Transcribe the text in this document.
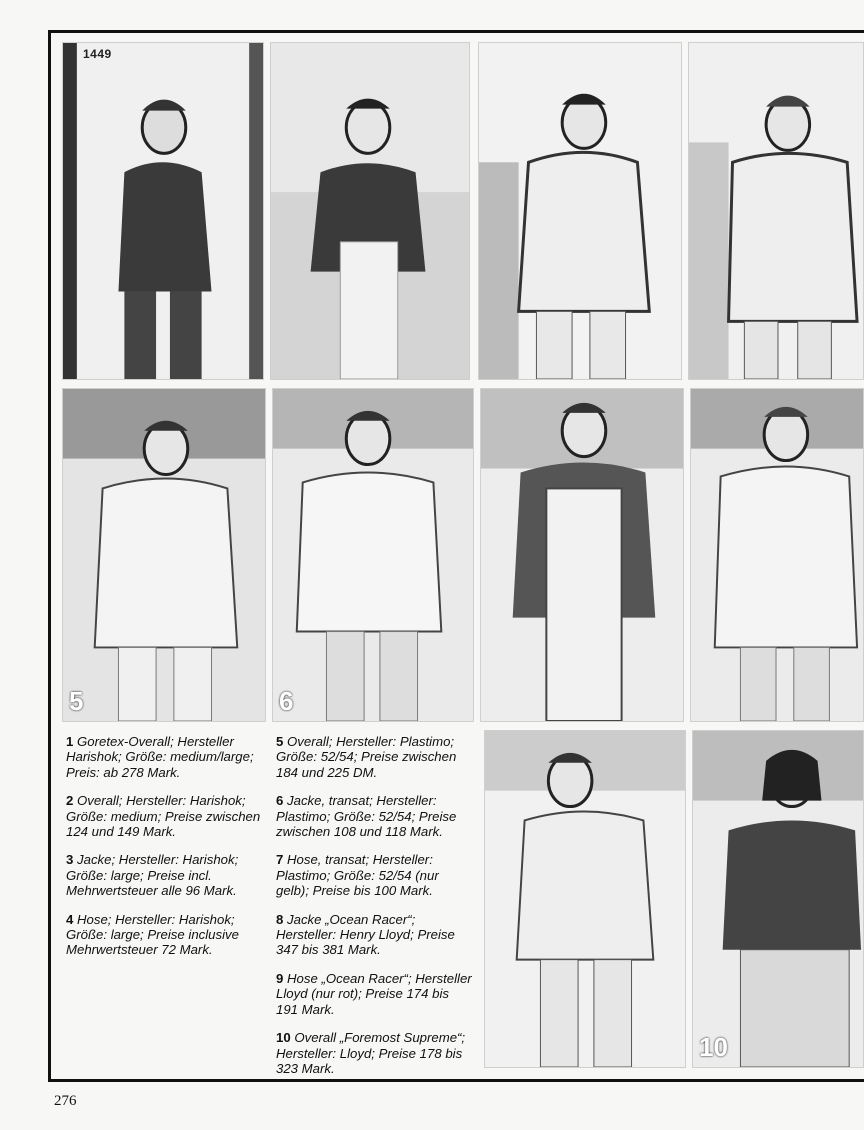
1449
5	6
10

1 Goretex-Overall; Hersteller Harishok; Größe: medium/large; Preis: ab 278 Mark.

2 Overall; Hersteller: Harishok; Größe: medium; Preise zwischen 124 und 149 Mark.

3 Jacke; Hersteller: Harishok; Größe: large; Preise incl. Mehrwertsteuer alle 96 Mark.

4 Hose; Hersteller: Harishok; Größe: large; Preise inclusive Mehrwertsteuer 72 Mark.

5 Overall; Hersteller: Plastimo; Größe: 52/54; Preise zwischen 184 und 225 DM.

6 Jacke, transat; Hersteller: Plastimo; Größe: 52/54; Preise zwischen 108 und 118 Mark.

7 Hose, transat; Hersteller: Plastimo; Größe: 52/54 (nur gelb); Preise bis 100 Mark.

8 Jacke „Ocean Racer“; Hersteller: Henry Lloyd; Preise 347 bis 381 Mark.

9 Hose „Ocean Racer“; Hersteller Lloyd (nur rot); Preise 174 bis 191 Mark.

10 Overall „Foremost Supreme“; Hersteller: Lloyd; Preise 178 bis 323 Mark.

276
